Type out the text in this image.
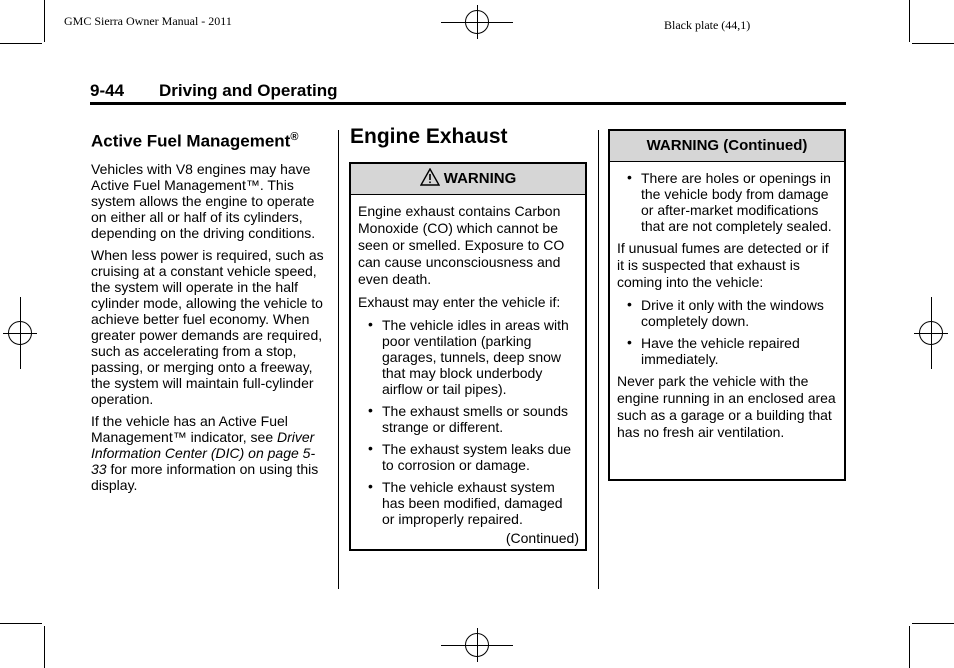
GMC Sierra Owner Manual - 2011	Black plate (44,1)
9-44 Driving and Operating
Active Fuel Management®

Vehicles with V8 engines may have Active Fuel Management™. This system allows the engine to operate on either all or half of its cylinders, depending on the driving conditions.

When less power is required, such as cruising at a constant vehicle speed, the system will operate in the half cylinder mode, allowing the vehicle to achieve better fuel economy. When greater power demands are required, such as accelerating from a stop, passing, or merging onto a freeway, the system will maintain full-cylinder operation.

If the vehicle has an Active Fuel Management™ indicator, see Driver Information Center (DIC) on page 5-33 for more information on using this display.

Engine Exhaust
WARNING

Engine exhaust contains Carbon Monoxide (CO) which cannot be seen or smelled. Exposure to CO can cause unconsciousness and even death.

Exhaust may enter the vehicle if:

• The vehicle idles in areas with poor ventilation (parking garages, tunnels, deep snow that may block underbody airflow or tail pipes).
• The exhaust smells or sounds strange or different.
• The exhaust system leaks due to corrosion or damage.
• The vehicle exhaust system has been modified, damaged or improperly repaired.
(Continued)
WARNING (Continued)
• There are holes or openings in the vehicle body from damage or after-market modifications that are not completely sealed.

If unusual fumes are detected or if it is suspected that exhaust is coming into the vehicle:

• Drive it only with the windows completely down.
• Have the vehicle repaired immediately.

Never park the vehicle with the engine running in an enclosed area such as a garage or a building that has no fresh air ventilation.
